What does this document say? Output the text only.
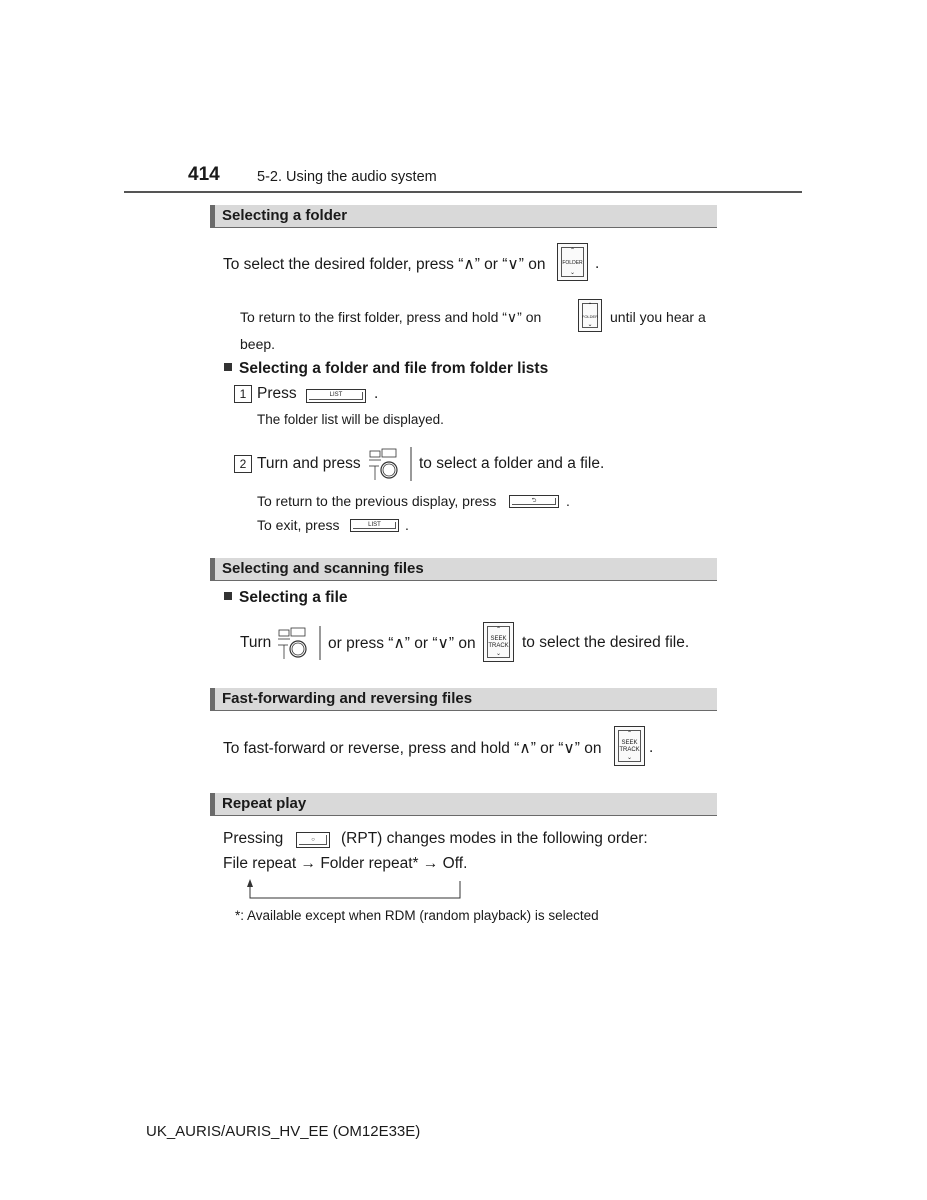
414	5-2. Using the audio system
Selecting a folder
To select the desired folder, press “∧” or “∨” on
⌃
FOLDER
⌄
.
To return to the first folder, press and hold “∨” on
⌃
FOLDER
⌄	until you hear a
beep.
Selecting a folder and file from folder lists
1 Press	LIST	.
The folder list will be displayed.
2 Turn and press	to select a folder and a file.
To return to the previous display, press	⮌	.
To exit, press	LIST	.
Selecting and scanning files
Selecting a file
Turn	or press “∧” or “∨” on
⌃
SEEK
TRACK
⌄
to select the desired file.
Fast-forwarding and reversing files
To fast-forward or reverse, press and hold “∧” or “∨” on
⌃
SEEK
TRACK
⌄
.
Repeat play
Pressing	○	(RPT) changes modes in the following order:
File repeat → Folder repeat* → Off.
*: Available except when RDM (random playback) is selected
UK_AURIS/AURIS_HV_EE (OM12E33E)
